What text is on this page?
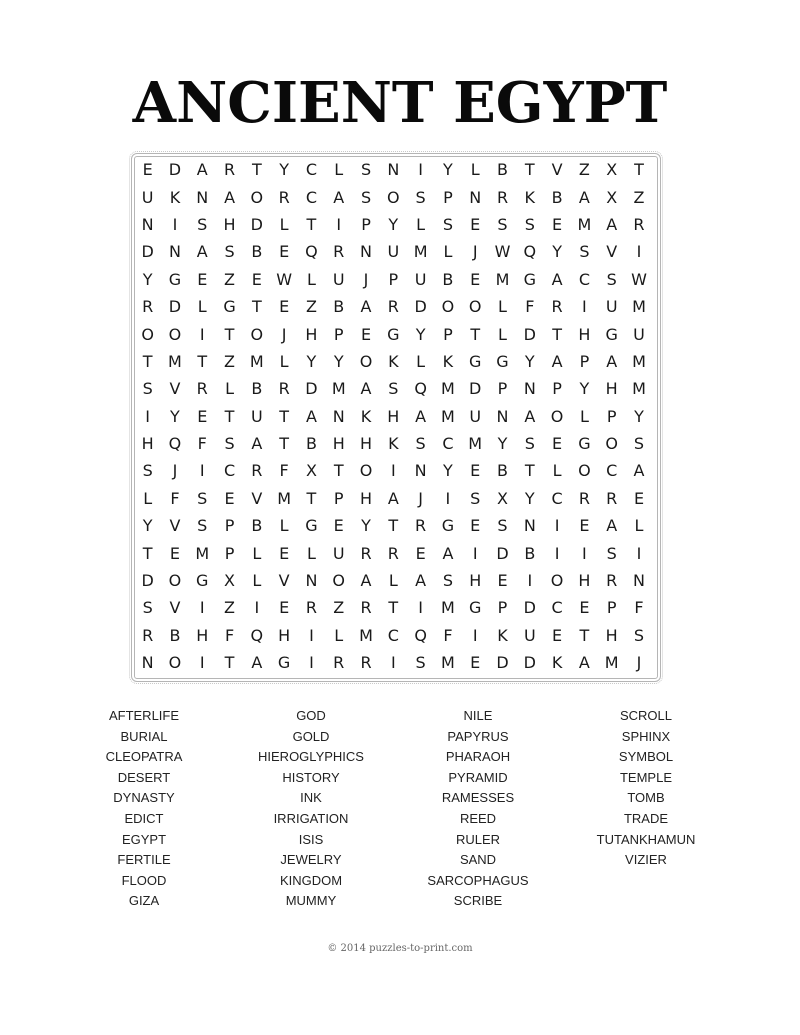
ANCIENT EGYPT
E	D A	R	T	Y	C	L	S	N	I	Y	L	B	T	V	Z	X	T
U	K	N A O R	C	A	S O S	P	N R	K	B	A	X	Z
N	I	S	H D	L	T	I	P	Y	L	S	E	S	S	E M A	R
D N A	S	B	E Q R N U M L	J	W Q	Y	S	V	I
Y	G	E	Z	E W L	U	J	P	U B	E M G A	C	S W
R D	L	G	T	E	Z	B	A	R D O O	L	F	R	I	U M
O O	I	T	O	J	H	P	E	G	Y	P	T	L	D	T	H G U
T M T	Z M L	Y	Y	O K	L	K G G	Y	A	P	A M
S	V	R	L	B	R D M A	S Q M D	P	N	P	Y	H M
I	Y	E	T	U	T	A N	K	H A M U N A O	L	P	Y
H Q	F	S	A	T	B H H	K	S	C M Y	S	E	G O S
S	J	I	C	R	F	X	T	O	I	N	Y	E	B	T	L	O C	A
L	F	S	E	V M T	P	H A	J	I	S	X	Y	C	R	R	E
Y	V	S	P	B	L	G	E	Y	T	R G	E	S	N	I	E	A	L
T	E M P	L	E	L	U R	R	E	A	I	D B	I	I	S	I
D O G X	L	V N O A	L	A	S	H	E	I	O H R N
S	V	I	Z	I	E	R	Z	R	T	I	M G	P	D C	E	P	F
R	B H	F	Q H	I	L M C Q	F	I	K	U	E	T	H	S
N O	I	T	A G	I	R	R	I	S M E	D D K	A M	J
AFTERLIFE
BURIAL
CLEOPATRA
DESERT
DYNASTY
EDICT
EGYPT
FERTILE
FLOOD
GIZA
GOD
GOLD
HIEROGLYPHICS
HISTORY
INK
IRRIGATION
ISIS
JEWELRY
KINGDOM
MUMMY
NILE
PAPYRUS
PHARAOH
PYRAMID
RAMESSES
REED
RULER
SAND
SARCOPHAGUS
SCRIBE
SCROLL
SPHINX
SYMBOL
TEMPLE
TOMB
TRADE
TUTANKHAMUN
VIZIER
© 2014 puzzles-to-print.com
